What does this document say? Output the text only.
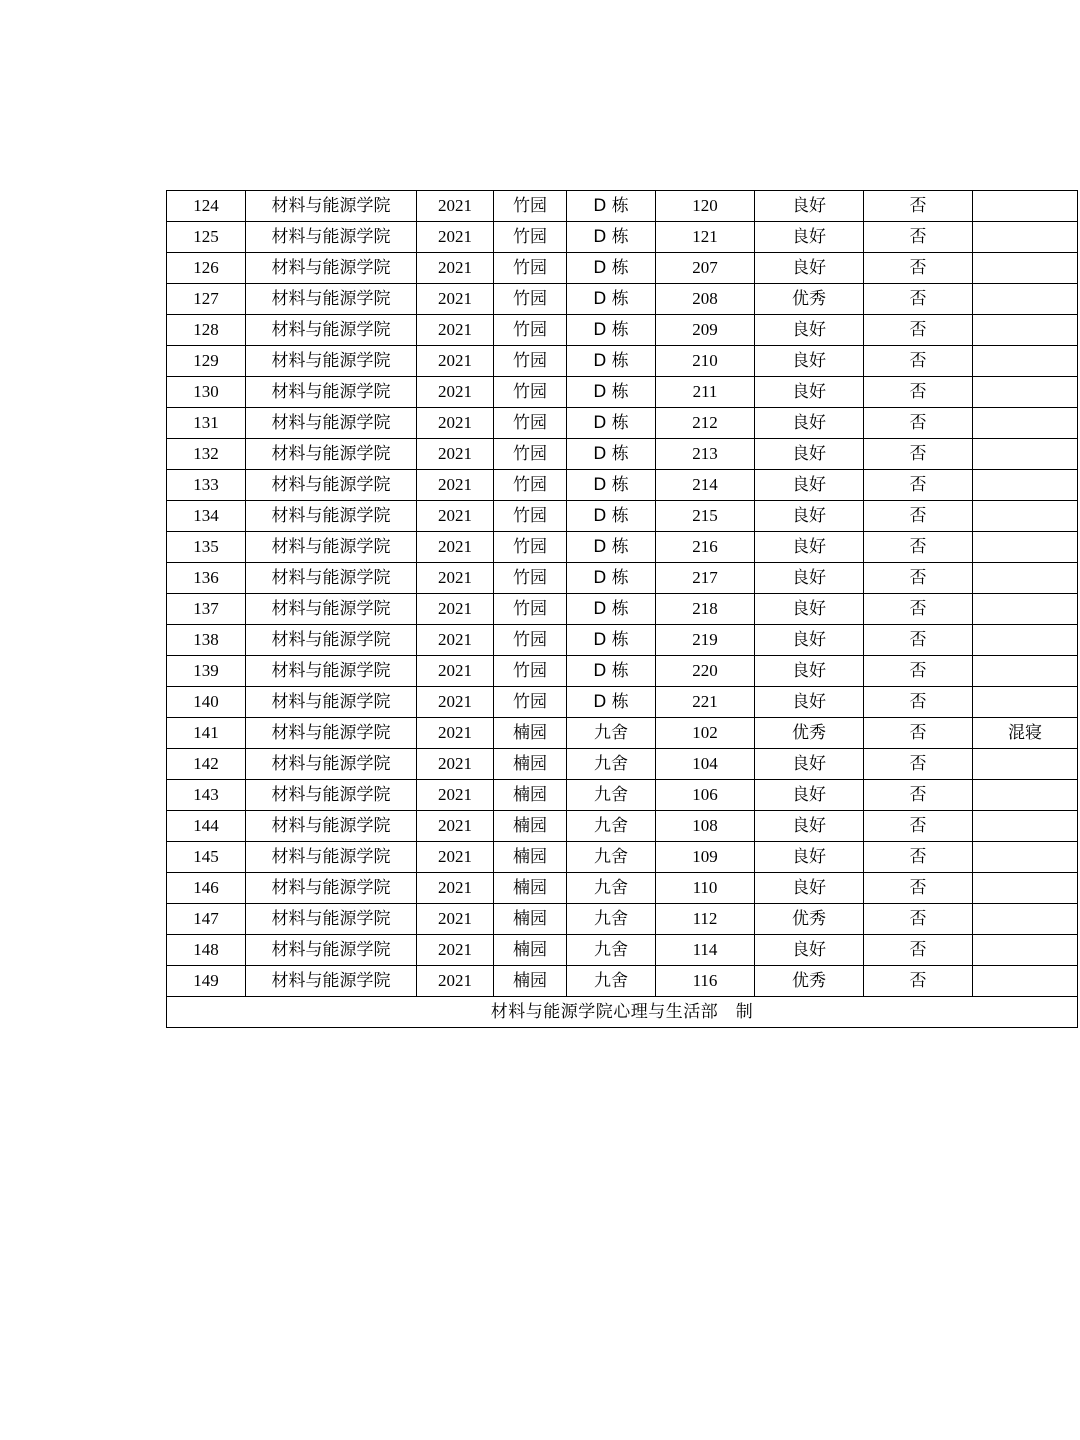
124	材料与能源学院	2021	竹园	D 栋	120	良好	否	
125	材料与能源学院	2021	竹园	D 栋	121	良好	否	
126	材料与能源学院	2021	竹园	D 栋	207	良好	否	
127	材料与能源学院	2021	竹园	D 栋	208	优秀	否	
128	材料与能源学院	2021	竹园	D 栋	209	良好	否	
129	材料与能源学院	2021	竹园	D 栋	210	良好	否	
130	材料与能源学院	2021	竹园	D 栋	211	良好	否	
131	材料与能源学院	2021	竹园	D 栋	212	良好	否	
132	材料与能源学院	2021	竹园	D 栋	213	良好	否	
133	材料与能源学院	2021	竹园	D 栋	214	良好	否	
134	材料与能源学院	2021	竹园	D 栋	215	良好	否	
135	材料与能源学院	2021	竹园	D 栋	216	良好	否	
136	材料与能源学院	2021	竹园	D 栋	217	良好	否	
137	材料与能源学院	2021	竹园	D 栋	218	良好	否	
138	材料与能源学院	2021	竹园	D 栋	219	良好	否	
139	材料与能源学院	2021	竹园	D 栋	220	良好	否	
140	材料与能源学院	2021	竹园	D 栋	221	良好	否	
141	材料与能源学院	2021	楠园	九舍	102	优秀	否	混寝
142	材料与能源学院	2021	楠园	九舍	104	良好	否	
143	材料与能源学院	2021	楠园	九舍	106	良好	否	
144	材料与能源学院	2021	楠园	九舍	108	良好	否	
145	材料与能源学院	2021	楠园	九舍	109	良好	否	
146	材料与能源学院	2021	楠园	九舍	110	良好	否	
147	材料与能源学院	2021	楠园	九舍	112	优秀	否	
148	材料与能源学院	2021	楠园	九舍	114	良好	否	
149	材料与能源学院	2021	楠园	九舍	116	优秀	否	
材料与能源学院心理与生活部　制								
